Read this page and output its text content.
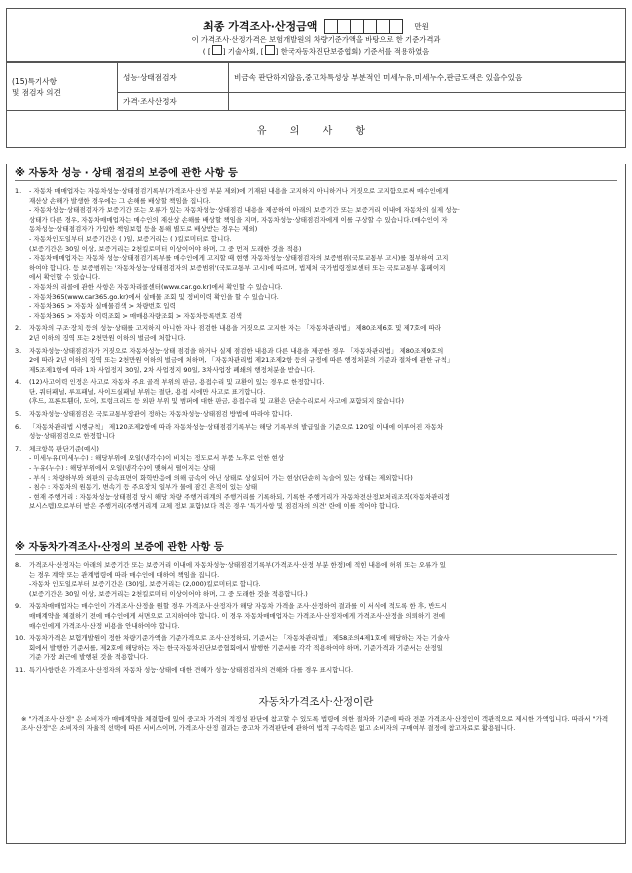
최종 가격조사·산정금액	만원
이 가격조사·산정가격은 보험개발원의 차량기준가액을 바탕으로 한 기준가격과
( [ ] 기술사회, [ ] 한국자동차진단보증협회) 기준서를 적용하였음
(15)특기사항
및 점검자 의견	성능·상태점검자	비금속 판단하지않음,중고차특성상 부분적인 미세누유,미세누수,판금도색은 있을수있음
	가격·조사산정자	
유 의 사 항
※ 자동차 성능 · 상태 점검의 보증에 관한 사항 등
1.	- 자동차 매매업자는 자동차성능·상태점검기록부(가격조사·산정 부분 제외)에 기재된 내용을 고지하지 아니하거나 거짓으로 고지함으로써 매수인에게
재산상 손해가 발생한 경우에는 그 손해를 배상할 책임을 집니다.
- 자동차성능·상태점검자가 보증기간 또는 오류가 있는 자동차성능·상태점검 내용을 제공하여 아래의 보증기간 또는 보증거리 이내에 자동차의 실제 성능·
상태가 다른 경우, 자동차매매업자는 매수인의 재산상 손해를 배상할 책임을 지며, 자동차성능·상태점검자에게 이를 구상할 수 있습니다.(매수인이 자
동차성능·상태점검자가 가입한 책임보험 등을 통해 별도로 배상받는 경우는 제외)
- 자동차인도일부터 보증기간은 ( )일, 보증거리는 ( )킬로미터로 합니다.
(보증기간은 30일 이상, 보증거리는 2천킬로미터 이상이어야 하며, 그 중 먼저 도래한 것을 적용)
- 자동차매매업자는 자동차 성능·상태점검기록부를 매수인에게 고지할 때 현행 자동차성능·상태점검자의 보증범위(국토교통부 고시)를 첨부하여 고지
하여야 합니다. 등 보증범위는 '자동차성능·상태점검자의 보증범위'(국토교통부 고시)에 따르며, 법제처 국가법령정보센터 또는 국토교통부 홈페이지
에서 확인할 수 있습니다.
- 자동차의 리콜에 관한 사항은 자동차리콜센터(www.car.go.kr)에서 확인할 수 있습니다.
- 자동차365(www.car365.go.kr)에서 실매물 조회 및 정비이력 확인을 할 수 있습니다.
- 자동차365 > 자동차 실매물검색 > 차량번호 입력
- 자동차365 > 자동차 이력조회 > 매매용자량조회 > 자동차등록번호 검색
2.	자동차의 구조·장치 등의 성능·상태를 고지하지 아니한 자나 점검한 내용을 거짓으로 고지한 자는 「자동차관리법」 제80조제6호 및 제7호에 따라
2년 이하의 징역 또는 2천만원 이하의 벌금에 처합니다.
3.	자동차성능·상태점검자가 거짓으로 자동차성능·상태 점검을 하거나 실제 점검한 내용과 다른 내용을 제공한 경우 「자동차관리법」 제80조제9호의
2에 따라 2년 이하의 징역 또는 2천만원 이하의 벌금에 처하며, 「자동차관리법 제21조제2항 등의 규정에 따른 행정처분의 기준과 절차에 관한 규칙」
제5조제1항에 따라 1차 사업정지 30일, 2차 사업정지 90일, 3차사업장 폐쇄의 행정처분을 받습니다.
4.	(12)사고이력 인정은 사고로 자동차 주요 골격 부위의 판금, 용접수리 및 교환이 있는 경우로 한정합니다.
단, 쿼터패널, 루프패널, 사이드실패널 부위는 절단, 용접 시에만 사고로 표기합니다.
(후드, 프론트휀더, 도어, 트렁크리드 등 외판 부위 및 범퍼에 대한 판금, 용접수리 및 교환은 단순수리로서 사고에 포함되지 않습니다)
5.	자동차성능·상태점검은 국토교통부장관이 정하는 자동차성능·상태점검 방법에 따라야 합니다.
6.	「자동차관리법 시행규칙」 제120조제2항에 따라 자동차성능·상태점검기록부는 해당 기록부의 발급일을 기준으로 120일 이내에 이루어진 자동차
성능·상태점검으로 한정합니다
7.	체크항목 판단기준(예시)
- 미세누유(미세누수) : 해당부위에 오일(냉각수)이 비치는 정도로서 부품 노후로 인한 현상
- 누유(누수) : 해당부위에서 오일(냉각수)이 맺혀서 떨어지는 상태
- 부식 : 차량하부와 외판의 금속표면이 화학반응에 의해 금속이 아닌 상태로 상실되어 가는 현상(단순히 녹슬어 있는 상태는 제외합니다)
- 침수 : 자동차의 원동기, 변속기 등 주요장치 일부가 물에 잠긴 흔적이 있는 상태
- 현재 주행거리 : 자동차성능·상태점검 당시 해당 차량 주행거리계의 주행거리를 기록하되, 기록한 주행거리가 자동차전산정보처리조직(자동차관리정
보시스템)으로부터 받은 주행거리(주행거리계 교체 정보 포함)보다 적은 경우 '특기사항 및 점검자의 의견' 란에 이를 적어야 합니다.
※ 자동차가격조사·산정의 보증에 관한 사항 등
8.	가격조사·산정자는 아래의 보증기간 또는 보증거리 이내에 자동차성능·상태점검기록부(가격조사·산정 부분 한정)에 적힌 내용에 허위 또는 오류가 있
는 경우 계약 또는 관계법령에 따라 매수인에 대하여 책임을 집니다.
-자동차 인도일로부터 보증기간은 (30)일, 보증거리는 (2,000)킬로미터로 합니다.
(보증기간은 30일 이상, 보증거리는 2천킬로미터 이상이어야 하며, 그 중 도래한 것을 적용합니다.)
9.	자동차매매업자는 매수인이 가격조사·산정을 원할 경우 가격조사·산정자가 해당 자동차 가격을 조사·산정하여 결과를 이 서식에 적도록 한 후, 반드시
매매계약을 체결하기 전에 매수인에게 서면으로 고지하여야 합니다. 이 경우 자동차매매업자는 가격조사·산정자에게 가격조사·산정을 의뢰하기 전에
매수인에게 가격조사·산정 비용을 안내하여야 합니다.
10. 자동차가격은 보험개발원이 정한 차량기준가액을 기준가격으로 조사·산정하되, 기준서는 「자동차관리법」 제58조의4제1호에 해당하는 자는 기술사
회에서 발행한 기준서를, 제2호에 해당하는 자는 한국자동차진단보증협회에서 발행한 기준서를 각각 적용하여야 하며, 기준가격과 기준서는 산정일
기준 가장 최근에 발행된 것을 적용합니다.
11. 특기사항란은 가격조사·산정자의 자동차 성능·상태에 대한 견해가 성능·상태점검자의 견해와 다를 경우 표시합니다.
자동차가격조사·산정이란
※ "가격조사·산정" 은 소비자가 매매계약을 체결함에 있어 중고차 가격의 적정성 판단에 참고할 수 있도록 법령에 의한 절차와 기준에 따라 전문 가격조사·산정인이 객관적으로 제시한 가액입니다. 따라서 "가격조사·산정"은 소비자의 자율적 선택에 따른 서비스이며, 가격조사·산정 결과는 중고차 가격판단에 관하여 법적 구속력은 없고 소비자의 구매여부 결정에 참고자료로 활용됩니다.
